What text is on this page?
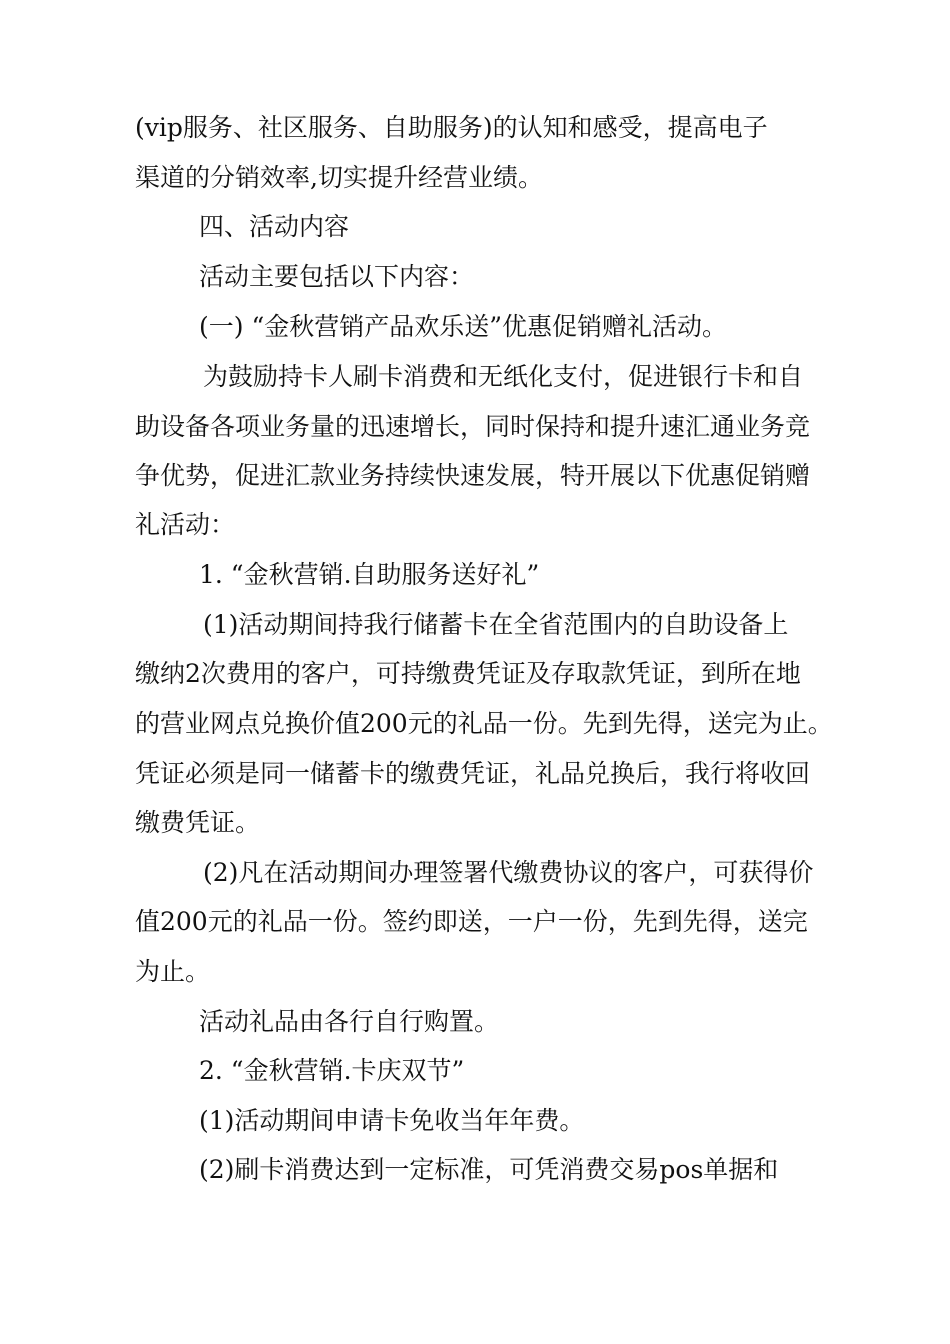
(vip服务、社区服务、自助服务)的认知和感受，提高电子
渠道的分销效率,切实提升经营业绩。
四、活动内容
活动主要包括以下内容：
(一) “金秋营销产品欢乐送”优惠促销赠礼活动。
为鼓励持卡人刷卡消费和无纸化支付，促进银行卡和自
助设备各项业务量的迅速增长，同时保持和提升速汇通业务竞
争优势，促进汇款业务持续快速发展，特开展以下优惠促销赠
礼活动：
1. “金秋营销.自助服务送好礼”
(1)活动期间持我行储蓄卡在全省范围内的自助设备上
缴纳2次费用的客户，可持缴费凭证及存取款凭证，到所在地
的营业网点兑换价值200元的礼品一份。先到先得，送完为止。
凭证必须是同一储蓄卡的缴费凭证，礼品兑换后，我行将收回
缴费凭证。
(2)凡在活动期间办理签署代缴费协议的客户，可获得价
值200元的礼品一份。签约即送，一户一份，先到先得，送完
为止。
活动礼品由各行自行购置。
2. “金秋营销.卡庆双节”
(1)活动期间申请卡免收当年年费。
(2)刷卡消费达到一定标准，可凭消费交易pos单据和
